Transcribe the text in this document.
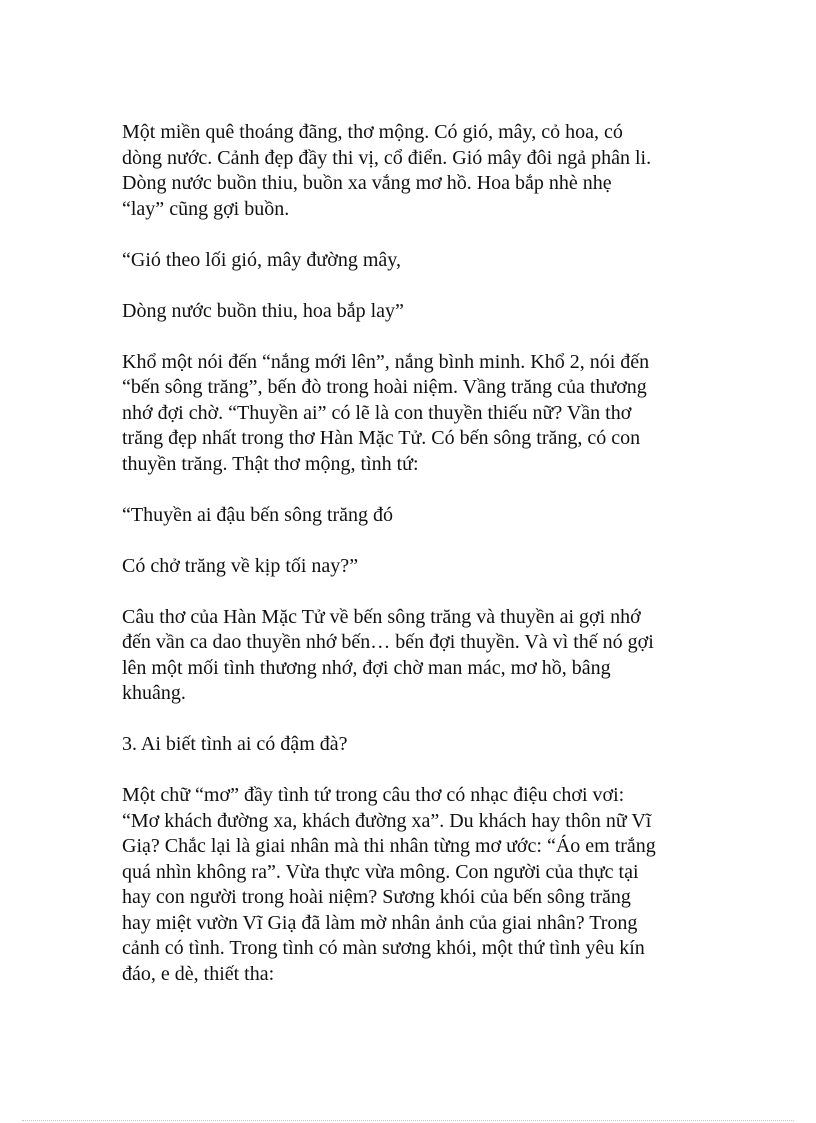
Một miền quê thoáng đãng, thơ mộng. Có gió, mây, cỏ hoa, có
dòng nước. Cảnh đẹp đầy thi vị, cổ điển. Gió mây đôi ngả phân li.
Dòng nước buồn thiu, buồn xa vắng mơ hồ. Hoa bắp nhè nhẹ
“lay” cũng gợi buồn.

“Gió theo lối gió, mây đường mây,

Dòng nước buồn thiu, hoa bắp lay”

Khổ một nói đến “nắng mới lên”, nắng bình minh. Khổ 2, nói đến
“bến sông trăng”, bến đò trong hoài niệm. Vầng trăng của thương
nhớ đợi chờ. “Thuyền ai” có lẽ là con thuyền thiếu nữ? Vần thơ
trăng đẹp nhất trong thơ Hàn Mặc Tử. Có bến sông trăng, có con
thuyền trăng. Thật thơ mộng, tình tứ:

“Thuyền ai đậu bến sông trăng đó

Có chở trăng về kịp tối nay?”

Câu thơ của Hàn Mặc Tử về bến sông trăng và thuyền ai gợi nhớ
đến vần ca dao thuyền nhớ bến… bến đợi thuyền. Và vì thế nó gợi
lên một mối tình thương nhớ, đợi chờ man mác, mơ hồ, bâng
khuâng.

3. Ai biết tình ai có đậm đà?

Một chữ “mơ” đầy tình tứ trong câu thơ có nhạc điệu chơi vơi:
“Mơ khách đường xa, khách đường xa”. Du khách hay thôn nữ Vĩ
Giạ? Chắc lại là giai nhân mà thi nhân từng mơ ước: “Áo em trắng
quá nhìn không ra”. Vừa thực vừa mông. Con người của thực tại
hay con người trong hoài niệm? Sương khói của bến sông trăng
hay miệt vườn Vĩ Giạ đã làm mờ nhân ảnh của giai nhân? Trong
cảnh có tình. Trong tình có màn sương khói, một thứ tình yêu kín
đáo, e dè, thiết tha:
